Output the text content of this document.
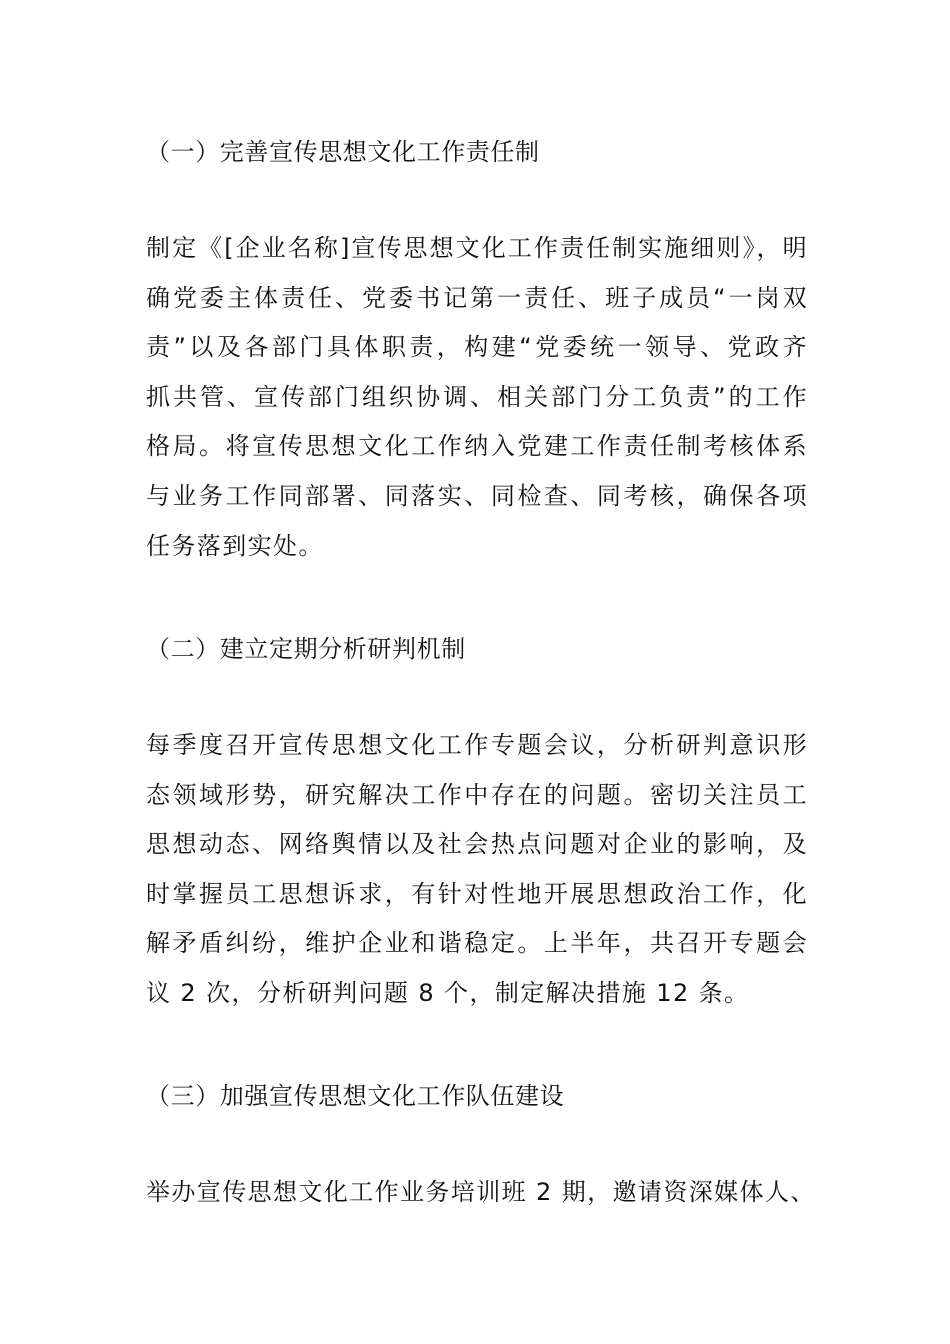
（一）完善宣传思想文化工作责任制
制定《[企业名称]宣传思想文化工作责任制实施细则》，明
确党委主体责任、党委书记第一责任、班子成员“一岗双
责”以及各部门具体职责，构建“党委统一领导、党政齐
抓共管、宣传部门组织协调、相关部门分工负责”的工作
格局。将宣传思想文化工作纳入党建工作责任制考核体系
与业务工作同部署、同落实、同检查、同考核，确保各项
任务落到实处。
（二）建立定期分析研判机制
每季度召开宣传思想文化工作专题会议，分析研判意识形
态领域形势，研究解决工作中存在的问题。密切关注员工
思想动态、网络舆情以及社会热点问题对企业的影响，及
时掌握员工思想诉求，有针对性地开展思想政治工作，化
解矛盾纠纷，维护企业和谐稳定。上半年，共召开专题会
议 2 次，分析研判问题 8 个，制定解决措施 12 条。
（三）加强宣传思想文化工作队伍建设
举办宣传思想文化工作业务培训班 2 期，邀请资深媒体人、
